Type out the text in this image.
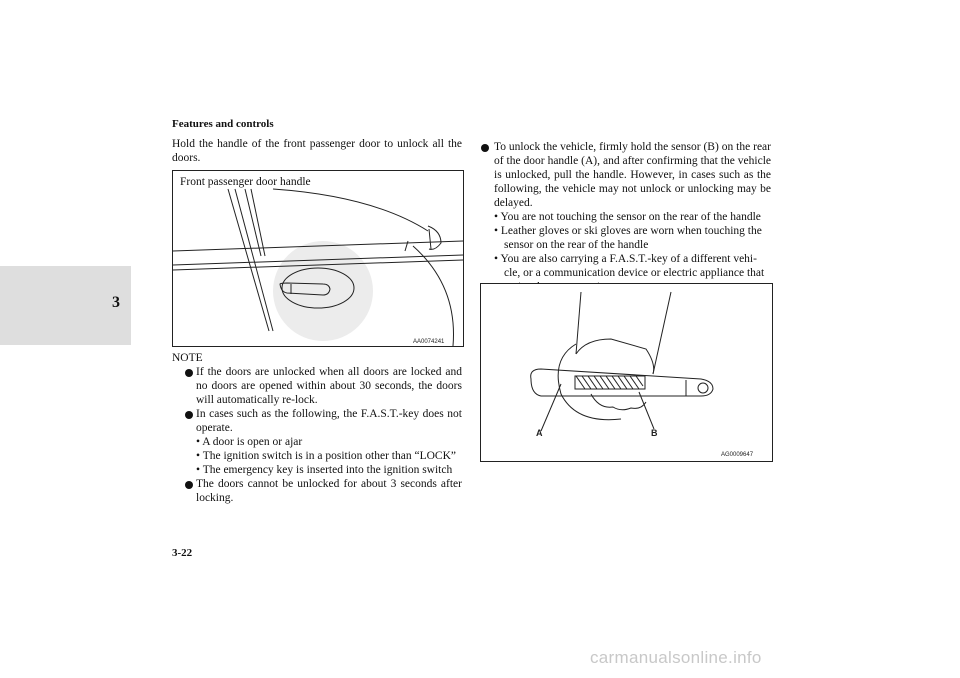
Features and controls
3
Hold the handle of the front passenger door to unlock all the doors.
AA0074241
Front passenger door handle
NOTE
If the doors are unlocked when all doors are locked and no doors are opened within about 30 seconds, the doors will automatically re-lock.
In cases such as the following, the F.A.S.T.-key does not operate.
• A door is open or ajar
• The ignition switch is in a position other than “LOCK”
• The emergency key is inserted into the ignition switch
The doors cannot be unlocked for about 3 seconds after locking.
To unlock the vehicle, firmly hold the sensor (B) on the rear of the door handle (A), and after confirming that the vehicle is unlocked, pull the handle. However, in cases such as the following, the vehicle may not unlock or unlocking may be delayed.
• You are not touching the sensor on the rear of the handle
• Leather gloves or ski gloves are worn when touching the
sensor on the rear of the handle
• You are also carrying a F.A.S.T.-key of a different vehi-
cle, or a communication device or electric appliance that
A	B
AG0009647
3-22
carmanualsonline.info
